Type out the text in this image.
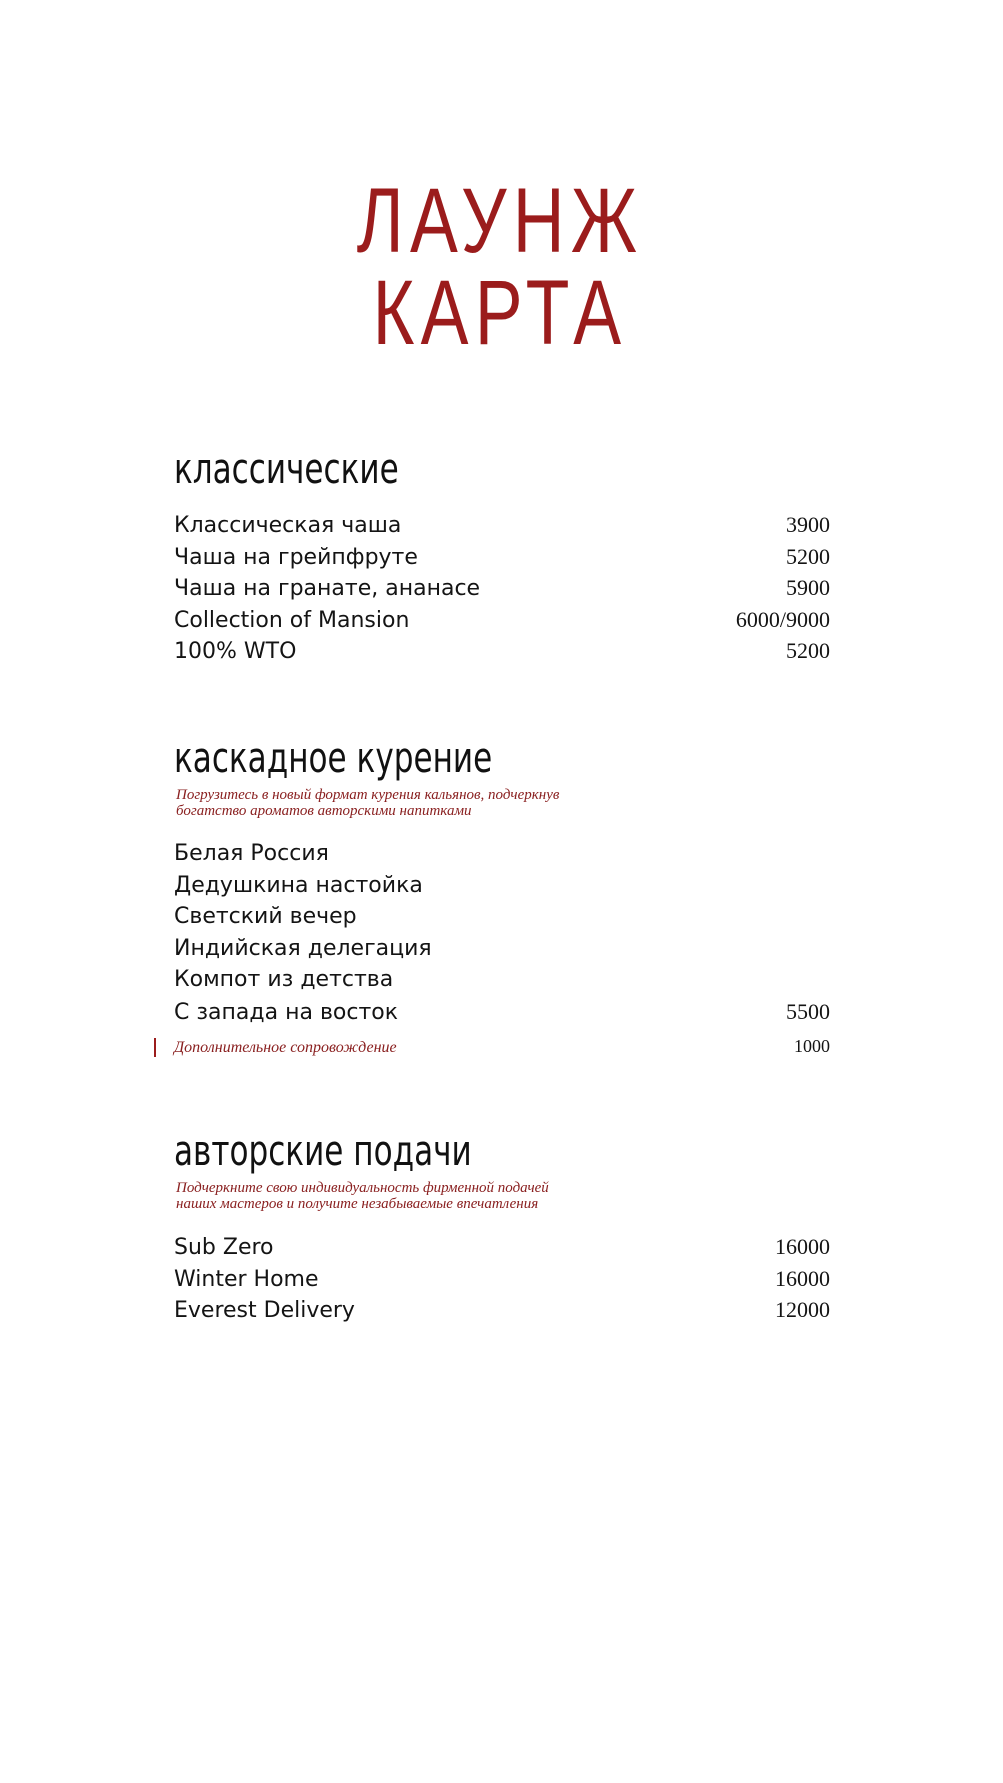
ЛАУНЖ КАРТА
классические
Классическая чаша	3900
Чаша на грейпфруте	5200
Чаша на гранате, ананасе	5900
Collection of Mansion	6000/9000
100% WTO	5200
каскадное курение

Погрузитесь в новый формат курения кальянов, подчеркнув
богатство ароматов авторскими напитками

Белая Россия
Дедушкина настойка
Светский вечер
Индийская делегация
Компот из детства
С запада на восток	5500
Дополнительное сопровождение	1000
авторские подачи

Подчеркните свою индивидуальность фирменной подачей
наших мастеров и получите незабываемые впечатления

Sub Zero	16000
Winter Home	16000
Everest Delivery	12000
